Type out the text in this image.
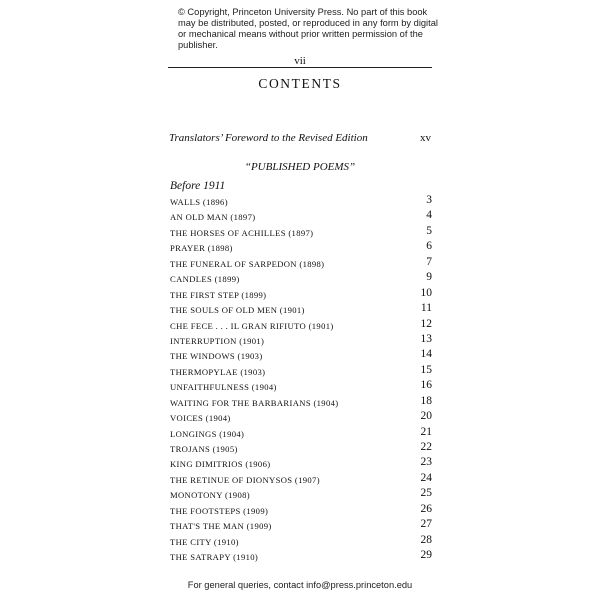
© Copyright, Princeton University Press. No part of this book may be distributed, posted, or reproduced in any form by digital or mechanical means without prior written permission of the publisher.
vii
CONTENTS
Translators’ Foreword to the Revised Edition	xv
“PUBLISHED POEMS”
Before 1911
WALLS (1896)	3
AN OLD MAN (1897)	4
THE HORSES OF ACHILLES (1897)	5
PRAYER (1898)	6
THE FUNERAL OF SARPEDON (1898)	7
CANDLES (1899)	9
THE FIRST STEP (1899)	10
THE SOULS OF OLD MEN (1901)	11
CHE FECE . . . IL GRAN RIFIUTO (1901)	12
INTERRUPTION (1901)	13
THE WINDOWS (1903)	14
THERMOPYLAE (1903)	15
UNFAITHFULNESS (1904)	16
WAITING FOR THE BARBARIANS (1904)	18
VOICES (1904)	20
LONGINGS (1904)	21
TROJANS (1905)	22
KING DIMITRIOS (1906)	23
THE RETINUE OF DIONYSOS (1907)	24
MONOTONY (1908)	25
THE FOOTSTEPS (1909)	26
THAT'S THE MAN (1909)	27
THE CITY (1910)	28
THE SATRAPY (1910)	29
For general queries, contact info@press.princeton.edu
